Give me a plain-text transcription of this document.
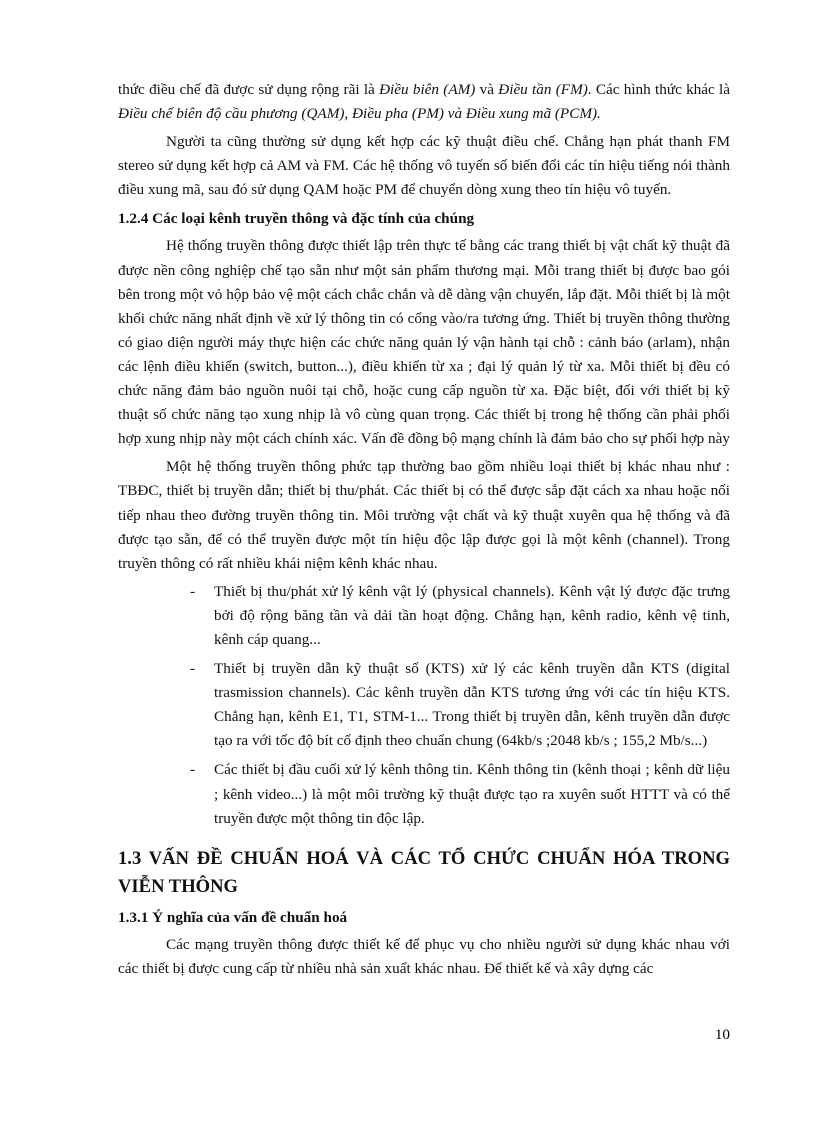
thức điều chế đã được sử dụng rộng rãi là Điều biên (AM) và Điều tần (FM). Các hình thức khác là Điều chế biên độ cầu phương (QAM), Điều pha (PM) và Điều xung mã (PCM).

Người ta cũng thường sử dụng kết hợp các kỹ thuật điều chế. Chẳng hạn phát thanh FM stereo sử dụng kết hợp cả AM và FM. Các hệ thống vô tuyến số biến đổi các tín hiệu tiếng nói thành điều xung mã, sau đó sử dụng QAM hoặc PM để chuyển dòng xung theo tín hiệu vô tuyến.

1.2.4 Các loại kênh truyền thông và đặc tính của chúng

Hệ thống truyền thông được thiết lập trên thực tế bằng các trang thiết bị vật chất kỹ thuật đã được nền công nghiệp chế tạo sẵn như một sản phẩm thương mại. Mỗi trang thiết bị được bao gói bên trong một vỏ hộp bảo vệ một cách chắc chắn và dễ dàng vận chuyển, lắp đặt. Mỗi thiết bị là một khối chức năng nhất định về xử lý thông tin có cổng vào/ra tương ứng. Thiết bị truyền thông thường có giao diện người máy thực hiện các chức năng quản lý vận hành tại chỗ : cảnh báo (arlam), nhận các lệnh điều khiển (switch, button...), điều khiển từ xa ; đại lý quản lý từ xa. Mỗi thiết bị đều có chức năng đảm bảo nguồn nuôi tại chỗ, hoặc cung cấp nguồn từ xa. Đặc biệt, đối với thiết bị kỹ thuật số chức năng tạo xung nhịp là vô cùng quan trọng. Các thiết bị trong hệ thống cần phải phối hợp xung nhịp này một cách chính xác. Vấn đề đồng bộ mạng chính là đảm bảo cho sự phối hợp này

Một hệ thống truyền thông phức tạp thường bao gồm nhiều loại thiết bị khác nhau như : TBĐC, thiết bị truyền dẫn; thiết bị thu/phát. Các thiết bị có thể được sắp đặt cách xa nhau hoặc nối tiếp nhau theo đường truyền thông tin. Môi trường vật chất và kỹ thuật xuyên qua hệ thống và đã được tạo sẵn, để có thể truyền được một tín hiệu độc lập được gọi là một kênh (channel). Trong truyền thông có rất nhiều khái niệm kênh khác nhau.

- Thiết bị thu/phát xử lý kênh vật lý (physical channels). Kênh vật lý được đặc trưng bởi độ rộng băng tần và dải tần hoạt động. Chẳng hạn, kênh radio, kênh vệ tinh, kênh cáp quang...
- Thiết bị truyền dẫn kỹ thuật số (KTS) xử lý các kênh truyền dẫn KTS (digital trasmission channels). Các kênh truyền dẫn KTS tương ứng với các tín hiệu KTS. Chẳng hạn, kênh E1, T1, STM-1... Trong thiết bị truyền dẫn, kênh truyền dẫn được tạo ra với tốc độ bít cố định theo chuẩn chung (64kb/s ;2048 kb/s ; 155,2 Mb/s...)
- Các thiết bị đầu cuối xử lý kênh thông tin. Kênh thông tin (kênh thoại ; kênh dữ liệu ; kênh video...) là một môi trường kỹ thuật được tạo ra xuyên suốt HTTT và có thể truyền được một thông tin độc lập.
1.3 VẤN ĐỀ CHUẨN HOÁ VÀ CÁC TỔ CHỨC CHUẨN HÓA TRONG VIỄN THÔNG
1.3.1 Ý nghĩa của vấn đề chuẩn hoá

Các mạng truyền thông được thiết kế để phục vụ cho nhiều người sử dụng khác nhau với các thiết bị được cung cấp từ nhiều nhà sản xuất khác nhau. Để thiết kế và xây dựng các

10
